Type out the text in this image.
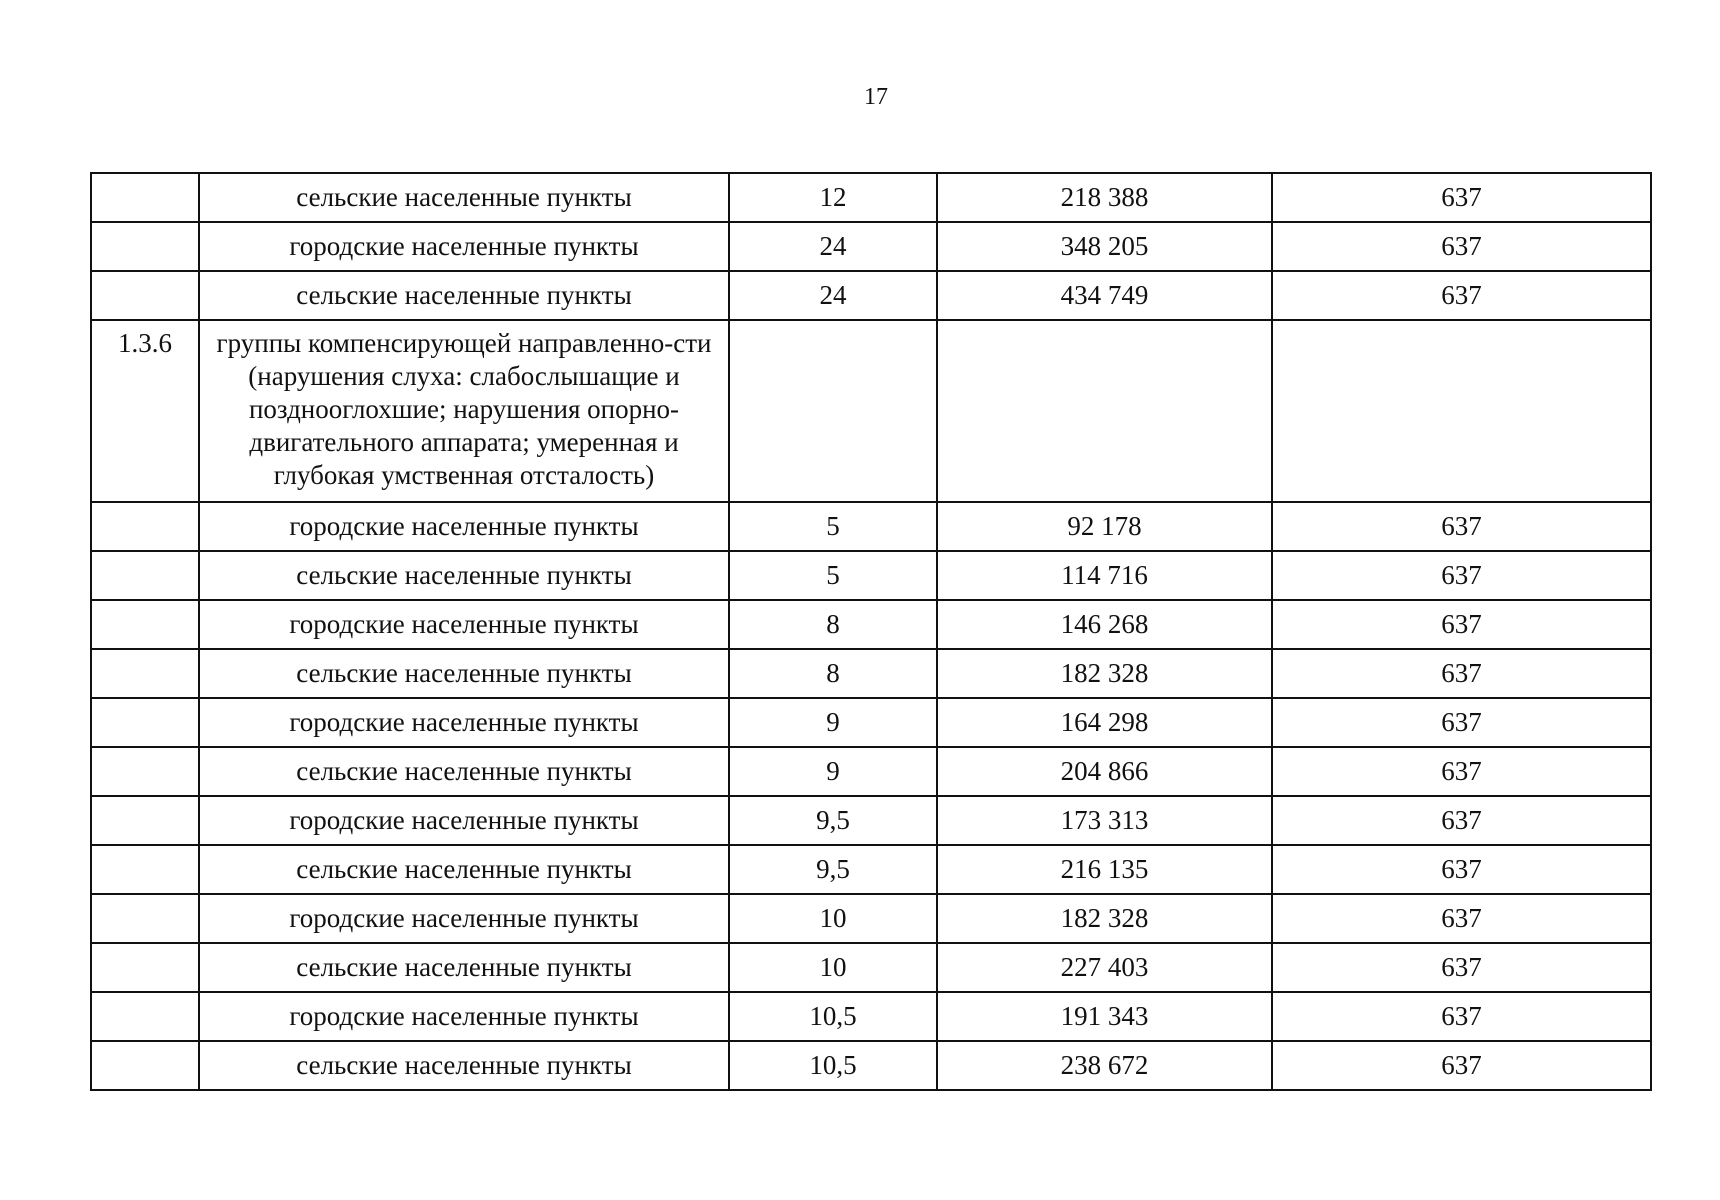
17
	сельские населенные пункты	12	218 388	637
	городские населенные пункты	24	348 205	637
	сельские населенные пункты	24	434 749	637
1.3.6	группы компенсирующей направленно-сти (нарушения слуха: слабослышащие и позднооглохшие; нарушения опорно-двигательного аппарата; умеренная и глубокая умственная отсталость)			
	городские населенные пункты	5	92 178	637
	сельские населенные пункты	5	114 716	637
	городские населенные пункты	8	146 268	637
	сельские населенные пункты	8	182 328	637
	городские населенные пункты	9	164 298	637
	сельские населенные пункты	9	204 866	637
	городские населенные пункты	9,5	173 313	637
	сельские населенные пункты	9,5	216 135	637
	городские населенные пункты	10	182 328	637
	сельские населенные пункты	10	227 403	637
	городские населенные пункты	10,5	191 343	637
	сельские населенные пункты	10,5	238 672	637
